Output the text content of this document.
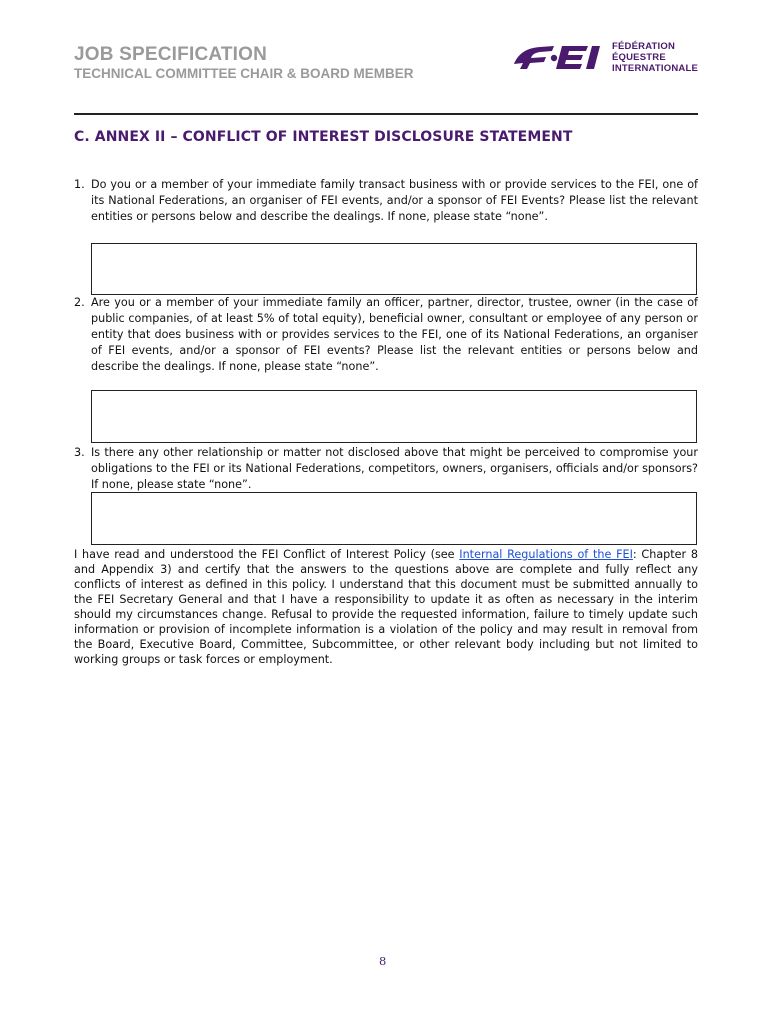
JOB SPECIFICATION
TECHNICAL COMMITTEE CHAIR & BOARD MEMBER
FÉDÉRATION
ÉQUESTRE
INTERNATIONALE
C. ANNEX II – CONFLICT OF INTEREST DISCLOSURE STATEMENT
1. Do you or a member of your immediate family transact business with or provide services to the FEI, one of its National Federations, an organiser of FEI events, and/or a sponsor of FEI Events? Please list the relevant entities or persons below and describe the dealings. If none, please state “none”.
2. Are you or a member of your immediate family an officer, partner, director, trustee, owner (in the case of public companies, of at least 5% of total equity), beneficial owner, consultant or employee of any person or entity that does business with or provides services to the FEI, one of its National Federations, an organiser of FEI events, and/or a sponsor of FEI events? Please list the relevant entities or persons below and describe the dealings. If none, please state “none”.
3. Is there any other relationship or matter not disclosed above that might be perceived to compromise your obligations to the FEI or its National Federations, competitors, owners, organisers, officials and/or sponsors? If none, please state “none”.
I have read and understood the FEI Conflict of Interest Policy (see Internal Regulations of the FEI: Chapter 8 and Appendix 3) and certify that the answers to the questions above are complete and fully reflect any conflicts of interest as defined in this policy. I understand that this document must be submitted annually to the FEI Secretary General and that I have a responsibility to update it as often as necessary in the interim should my circumstances change. Refusal to provide the requested information, failure to timely update such information or provision of incomplete information is a violation of the policy and may result in removal from the Board, Executive Board, Committee, Subcommittee, or other relevant body including but not limited to working groups or task forces or employment.
8
